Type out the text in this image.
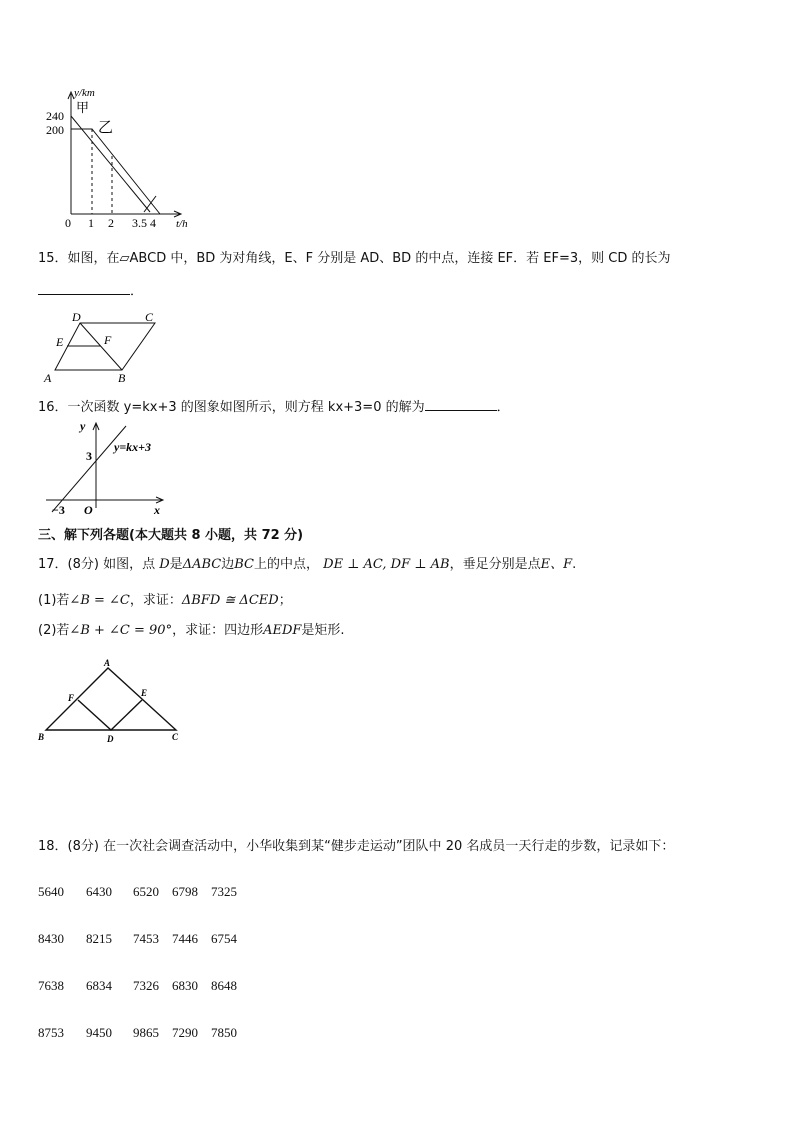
y/km
甲
乙
240
200
0 1 2 3.5 4 t/h
15．如图，在▱ABCD 中，BD 为对角线，E、F 分别是 AD、BD 的中点，连接 EF．若 EF=3，则 CD 的长为
．
D	C
E	F
A	B
16．一次函数 y=kx+3 的图象如图所示，则方程 kx+3=0 的解为	．
y
3
y=kx+3
−3 O	x
三、解下列各题(本大题共 8 小题，共 72 分)
17．(8分) 如图，点 D是ΔABC边BC上的中点， DE ⊥ AC, DF ⊥ AB，垂足分别是点E、F.
(1)若∠B = ∠C，求证：ΔBFD ≅ ΔCED；
(2)若∠B + ∠C = 90°，求证：四边形AEDF是矩形.
A
F	E
B	D	C
18．(8分) 在一次社会调查活动中，小华收集到某“健步走运动”团队中 20 名成员一天行走的步数，记录如下：
5640 6430 6520 6798 7325
8430 8215 7453 7446 6754
7638 6834 7326 6830 8648
8753 9450 9865 7290 7850
